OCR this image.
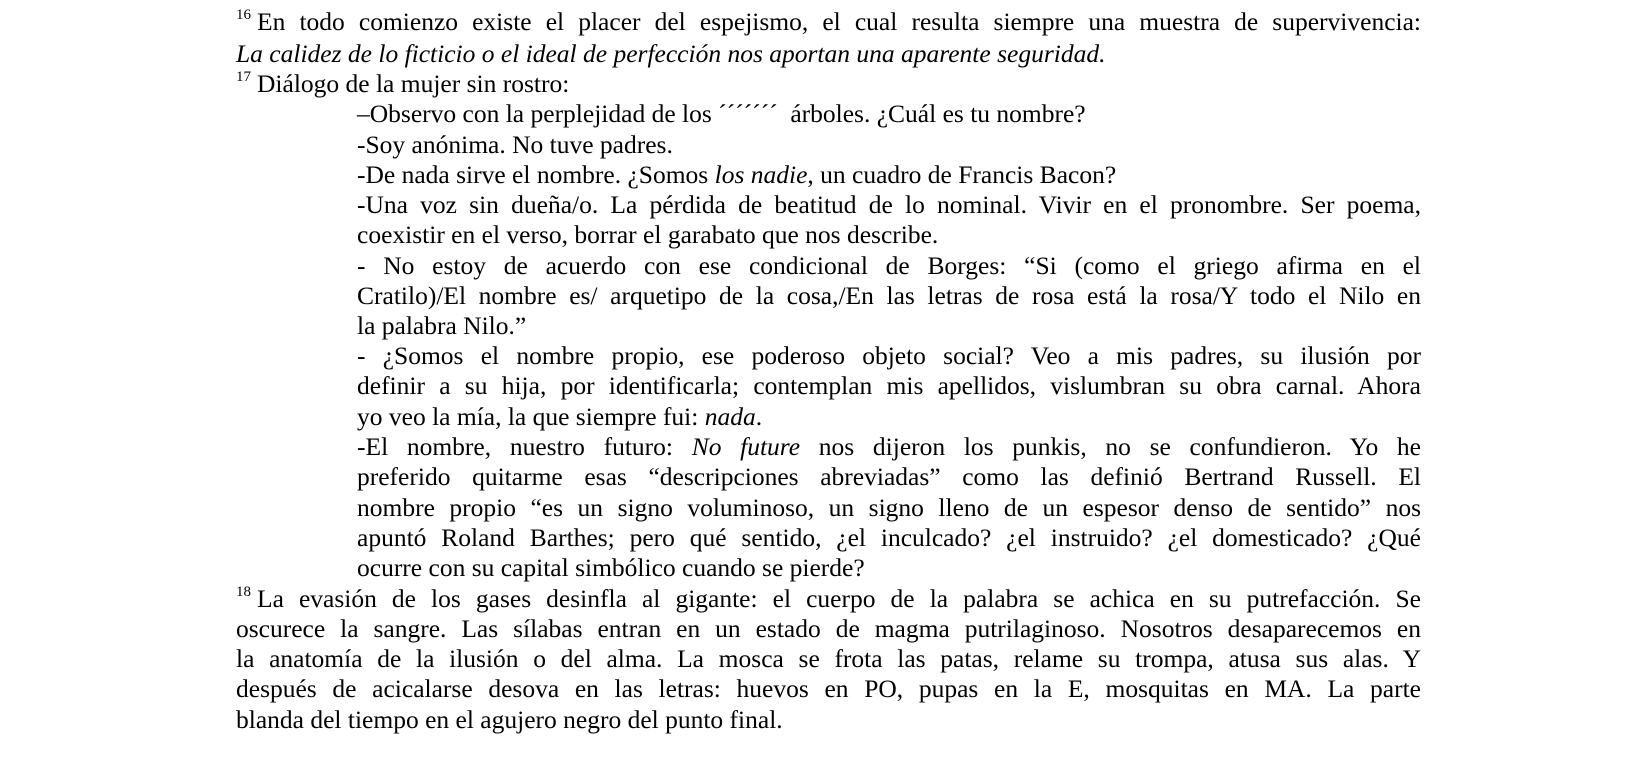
$^{16}$ En todo comienzo existe el placer del espejismo, el cual resulta siempre una muestra de supervivencia:
La calidez de lo ficticio o el ideal de perfección nos aportan una aparente seguridad.
$^{17}$ Diálogo de la mujer sin rostro:
–Observo con la perplejidad de los ´´´´´´´  árboles. ¿Cuál es tu nombre?
-Soy anónima. No tuve padres.
-De nada sirve el nombre. ¿Somos los nadie, un cuadro de Francis Bacon?
-Una voz sin dueña/o. La pérdida de beatitud de lo nominal. Vivir en el pronombre. Ser poema,
coexistir en el verso, borrar el garabato que nos describe.
- No estoy de acuerdo con ese condicional de Borges: “Si (como el griego afirma en el
Cratilo)/El nombre es/ arquetipo de la cosa,/En las letras de rosa está la rosa/Y todo el Nilo en
la palabra Nilo.”
- ¿Somos el nombre propio, ese poderoso objeto social? Veo a mis padres, su ilusión por
definir a su hija, por identificarla; contemplan mis apellidos, vislumbran su obra carnal. Ahora
yo veo la mía, la que siempre fui: nada.
-El nombre, nuestro futuro: No future nos dijeron los punkis, no se confundieron. Yo he
preferido quitarme esas “descripciones abreviadas” como las definió Bertrand Russell. El
nombre propio “es un signo voluminoso, un signo lleno de un espesor denso de sentido” nos
apuntó Roland Barthes; pero qué sentido, ¿el inculcado? ¿el instruido? ¿el domesticado? ¿Qué
ocurre con su capital simbólico cuando se pierde?
$^{18}$ La evasión de los gases desinfla al gigante: el cuerpo de la palabra se achica en su putrefacción. Se
oscurece la sangre. Las sílabas entran en un estado de magma putrilaginoso. Nosotros desaparecemos en
la anatomía de la ilusión o del alma. La mosca se frota las patas, relame su trompa, atusa sus alas. Y
después de acicalarse desova en las letras: huevos en PO, pupas en la E, mosquitas en MA. La parte
blanda del tiempo en el agujero negro del punto final.
